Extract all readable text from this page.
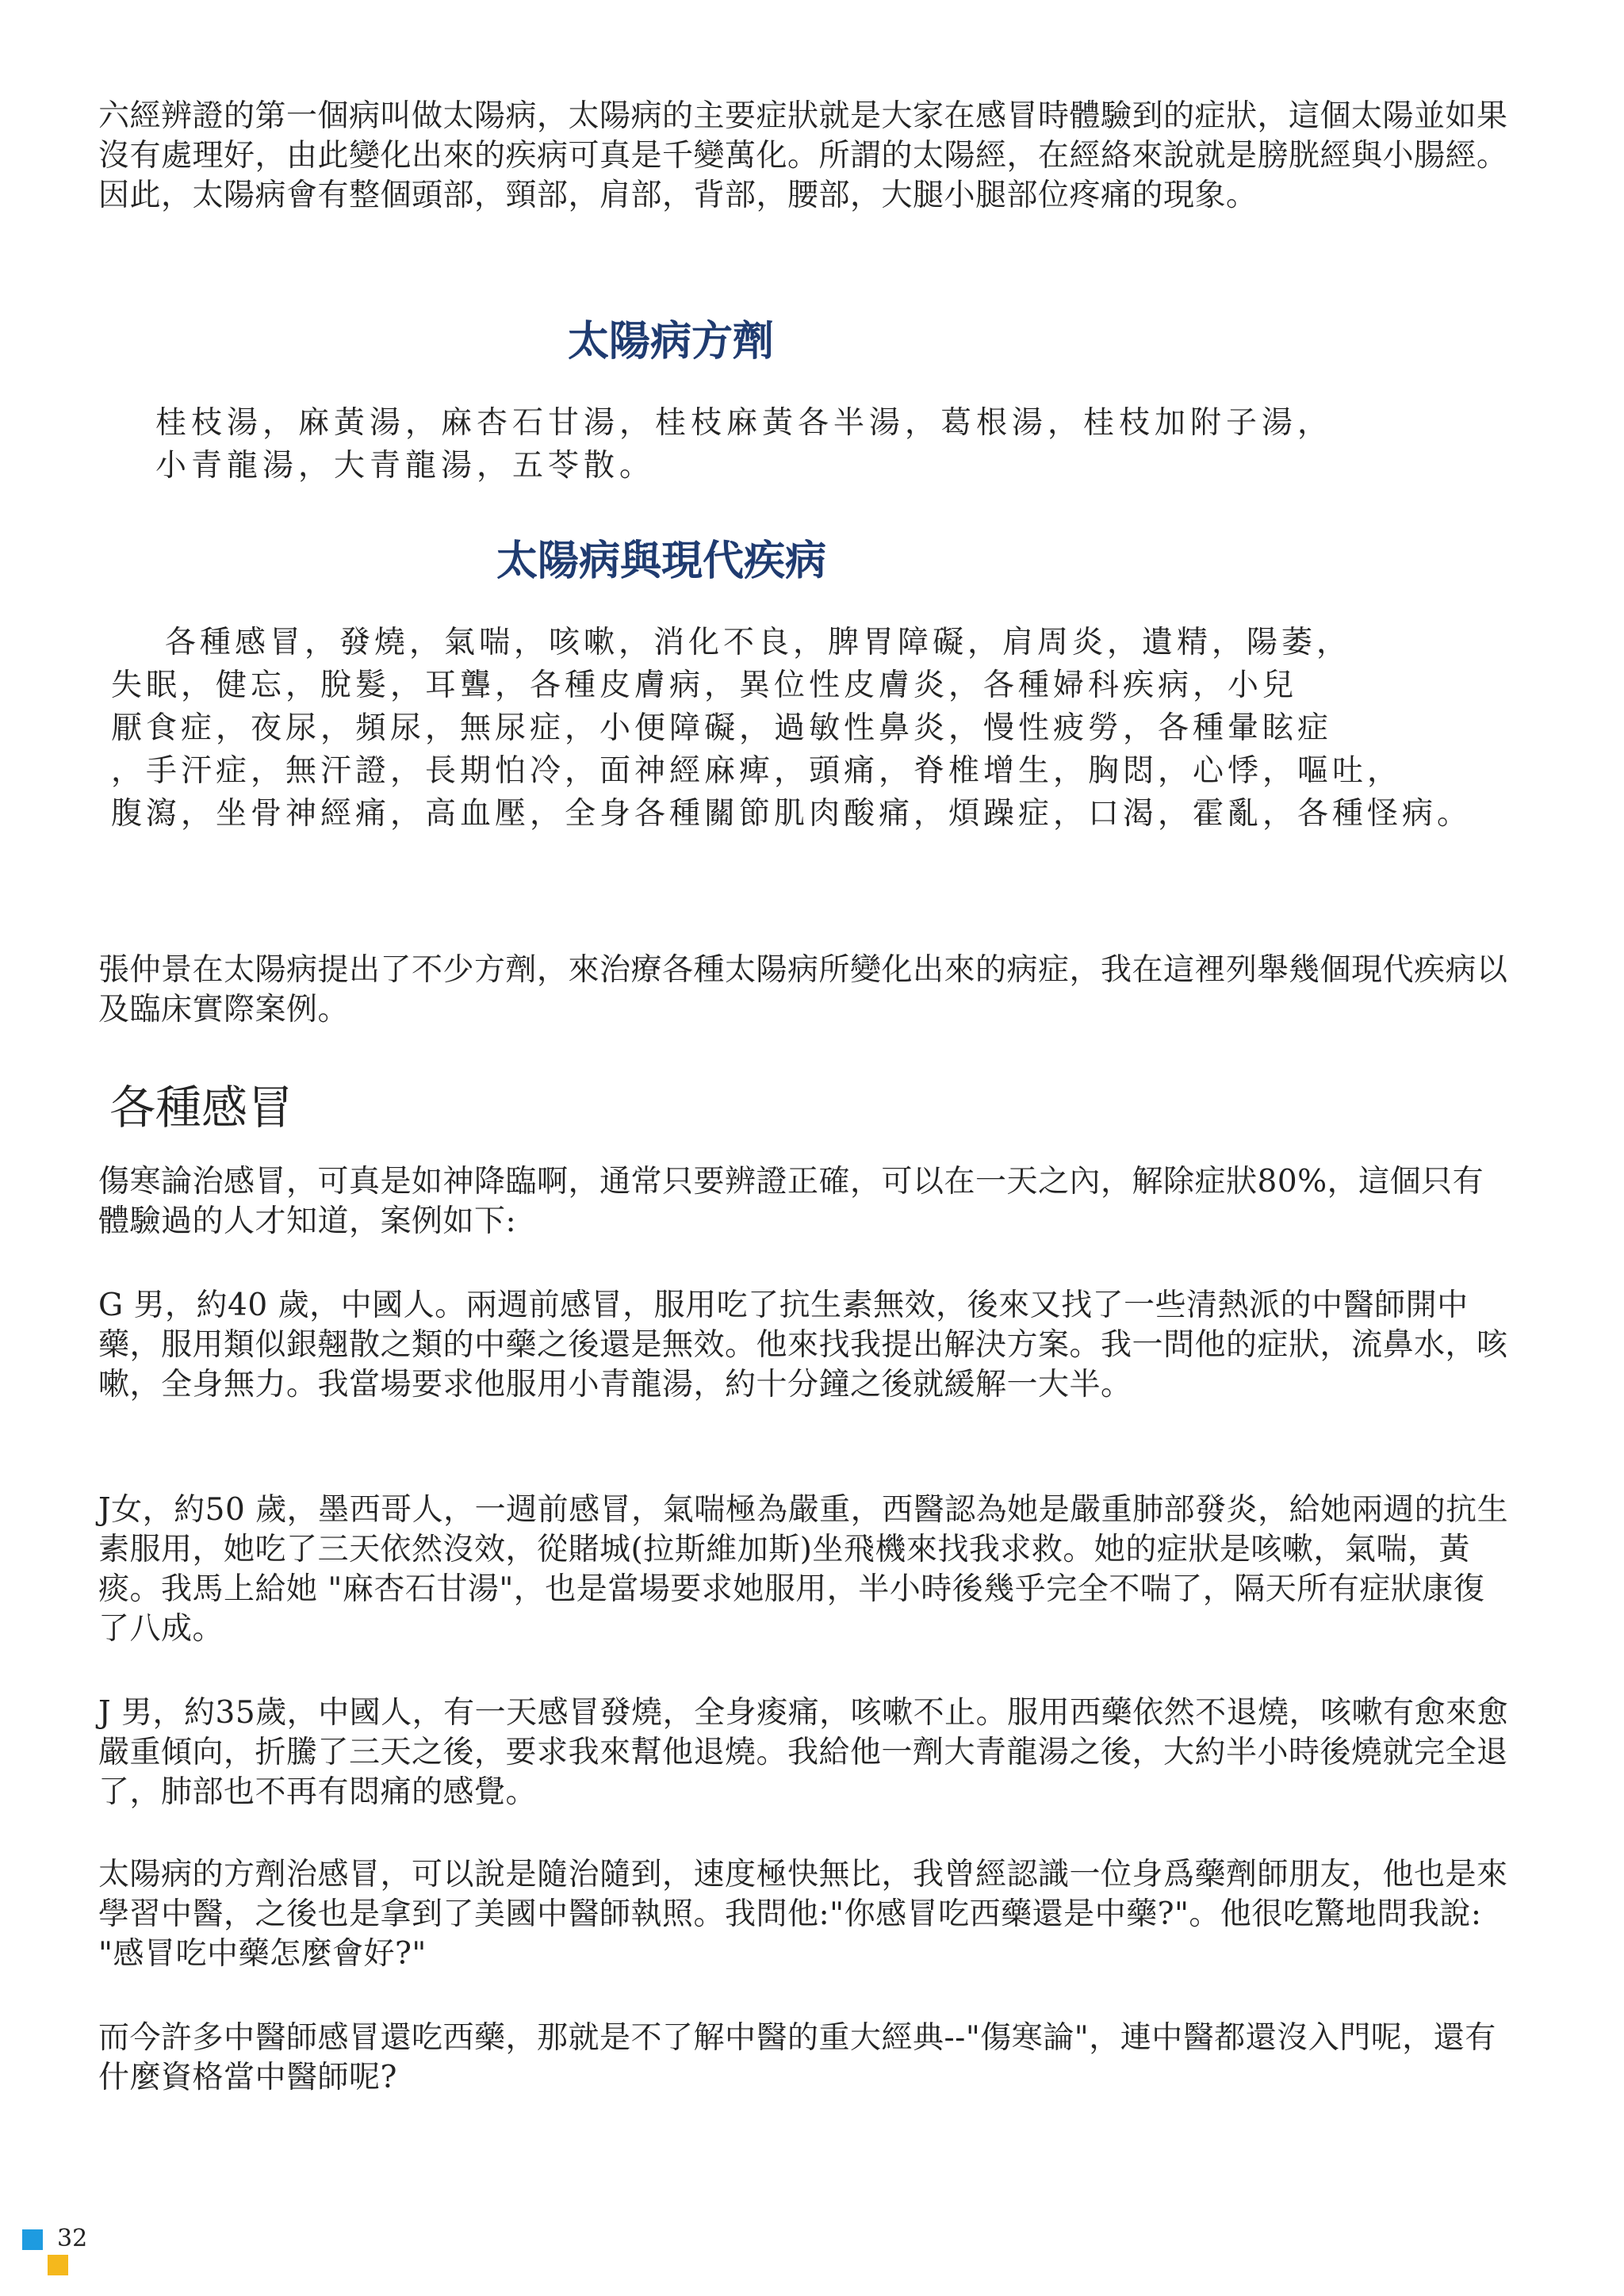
六經辨證的第一個病叫做太陽病，太陽病的主要症狀就是大家在感冒時體驗到的症狀，這個太陽並如果沒有處理好，由此變化出來的疾病可真是千變萬化。所謂的太陽經，在經絡來說就是膀胱經與小腸經。因此，太陽病會有整個頭部，頸部，肩部，背部，腰部，大腿小腿部位疼痛的現象。

太陽病方劑
桂枝湯，麻黃湯，麻杏石甘湯，桂枝麻黃各半湯，葛根湯，桂枝加附子湯，
小青龍湯，大青龍湯，五苓散。
太陽病與現代疾病
各種感冒，發燒，氣喘，咳嗽，消化不良，脾胃障礙，肩周炎，遺精，陽萎，
失眠，健忘，脫髮，耳聾，各種皮膚病，異位性皮膚炎，各種婦科疾病，小兒
厭食症，夜尿，頻尿，無尿症，小便障礙，過敏性鼻炎，慢性疲勞，各種暈眩症
，手汗症，無汗證，長期怕冷，面神經麻痺，頭痛，脊椎增生，胸悶，心悸，嘔吐，
腹瀉，坐骨神經痛，高血壓，全身各種關節肌肉酸痛，煩躁症，口渴，霍亂，各種怪病。

張仲景在太陽病提出了不少方劑，來治療各種太陽病所變化出來的病症，我在這裡列舉幾個現代疾病以及臨床實際案例。

各種感冒

傷寒論治感冒，可真是如神降臨啊，通常只要辨證正確，可以在一天之內，解除症狀80%，這個只有體驗過的人才知道，案例如下:

G 男，約40 歲，中國人。兩週前感冒，服用吃了抗生素無效，後來又找了一些清熱派的中醫師開中藥，服用類似銀翹散之類的中藥之後還是無效。他來找我提出解決方案。我一問他的症狀，流鼻水，咳嗽，全身無力。我當場要求他服用小青龍湯，約十分鐘之後就緩解一大半。

J女，約50 歲，墨西哥人，一週前感冒，氣喘極為嚴重，西醫認為她是嚴重肺部發炎，給她兩週的抗生素服用，她吃了三天依然沒效，從賭城(拉斯維加斯)坐飛機來找我求救。她的症狀是咳嗽，氣喘，黃痰。我馬上給她 "麻杏石甘湯"，也是當場要求她服用，半小時後幾乎完全不喘了，隔天所有症狀康復了八成。

J 男，約35歲，中國人，有一天感冒發燒，全身痠痛，咳嗽不止。服用西藥依然不退燒，咳嗽有愈來愈嚴重傾向，折騰了三天之後，要求我來幫他退燒。我給他一劑大青龍湯之後，大約半小時後燒就完全退了，肺部也不再有悶痛的感覺。

太陽病的方劑治感冒，可以說是隨治隨到，速度極快無比，我曾經認識一位身爲藥劑師朋友，他也是來學習中醫，之後也是拿到了美國中醫師執照。我問他:"你感冒吃西藥還是中藥?"。他很吃驚地問我說: "感冒吃中藥怎麼會好?"

而今許多中醫師感冒還吃西藥，那就是不了解中醫的重大經典--"傷寒論"，連中醫都還沒入門呢，還有什麼資格當中醫師呢?

32
